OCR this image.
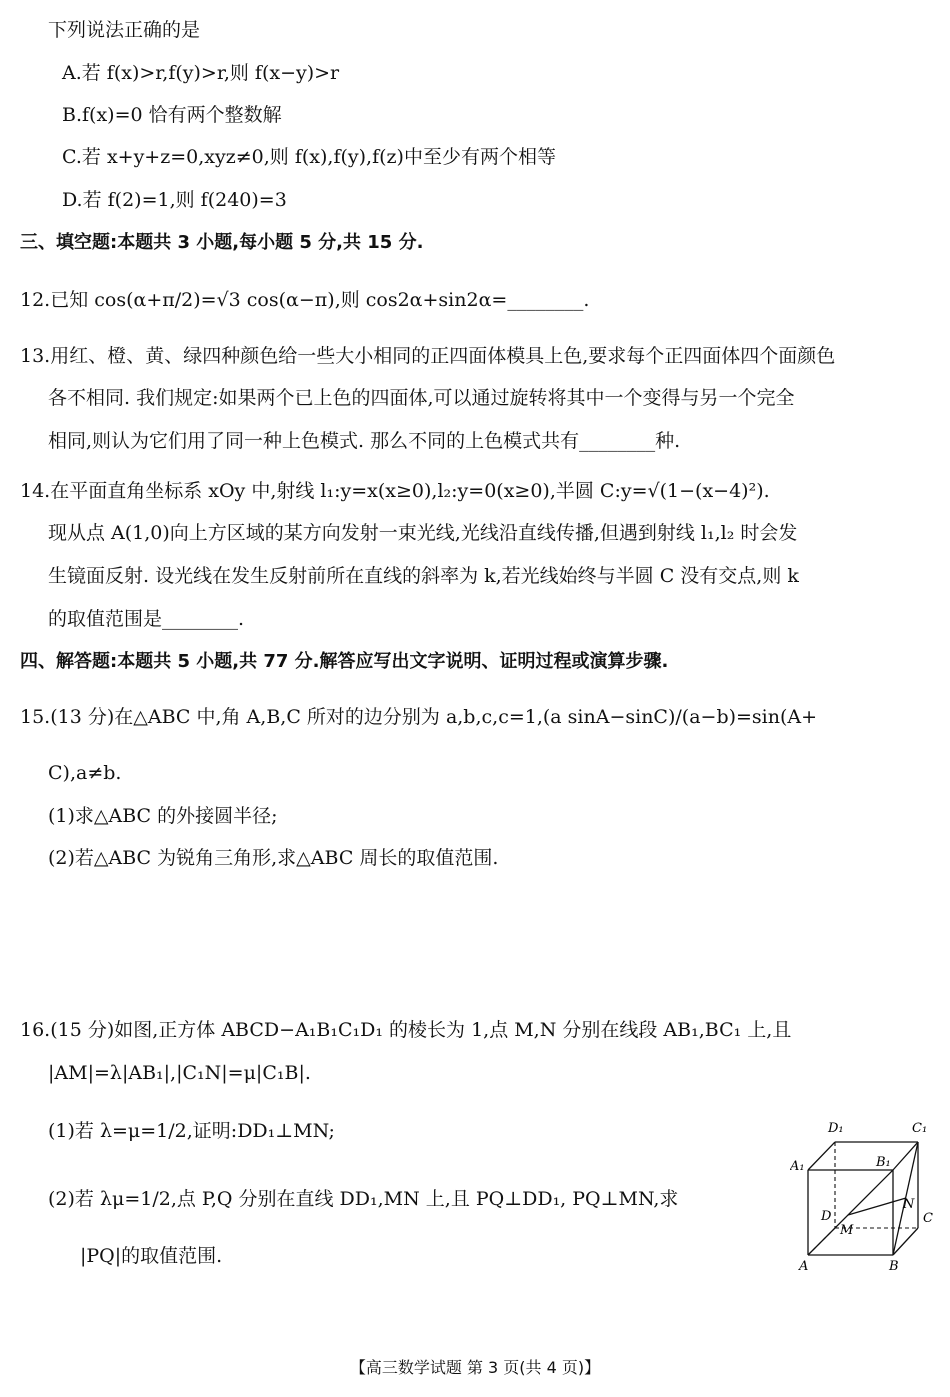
下列说法正确的是
A.若 f(x)>r,f(y)>r,则 f(x−y)>r
B.f(x)=0 恰有两个整数解
C.若 x+y+z=0,xyz≠0,则 f(x),f(y),f(z)中至少有两个相等
D.若 f(2)=1,则 f(240)=3
三、填空题:本题共 3 小题,每小题 5 分,共 15 分.
12.已知 cos(α+π/2)=√3 cos(α−π),则 cos2α+sin2α=________.
13.用红、橙、黄、绿四种颜色给一些大小相同的正四面体模具上色,要求每个正四面体四个面颜色
各不相同. 我们规定:如果两个已上色的四面体,可以通过旋转将其中一个变得与另一个完全
相同,则认为它们用了同一种上色模式. 那么不同的上色模式共有________种.
14.在平面直角坐标系 xOy 中,射线 l₁:y=x(x≥0),l₂:y=0(x≥0),半圆 C:y=√(1−(x−4)²).
现从点 A(1,0)向上方区域的某方向发射一束光线,光线沿直线传播,但遇到射线 l₁,l₂ 时会发
生镜面反射. 设光线在发生反射前所在直线的斜率为 k,若光线始终与半圆 C 没有交点,则 k
的取值范围是________.
四、解答题:本题共 5 小题,共 77 分.解答应写出文字说明、证明过程或演算步骤.
15.(13 分)在△ABC 中,角 A,B,C 所对的边分别为 a,b,c,c=1,(a sinA−sinC)/(a−b)=sin(A+
C),a≠b.
(1)求△ABC 的外接圆半径;
(2)若△ABC 为锐角三角形,求△ABC 周长的取值范围.
16.(15 分)如图,正方体 ABCD−A₁B₁C₁D₁ 的棱长为 1,点 M,N 分别在线段 AB₁,BC₁ 上,且
|AM|=λ|AB₁|,|C₁N|=μ|C₁B|.
(1)若 λ=μ=1/2,证明:DD₁⊥MN;
(2)若 λμ=1/2,点 P,Q 分别在直线 DD₁,MN 上,且 PQ⊥DD₁, PQ⊥MN,求
|PQ|的取值范围.
D₁	C₁
A₁	B₁
D
N
C
M
A	B
【高三数学试题 第 3 页(共 4 页)】
